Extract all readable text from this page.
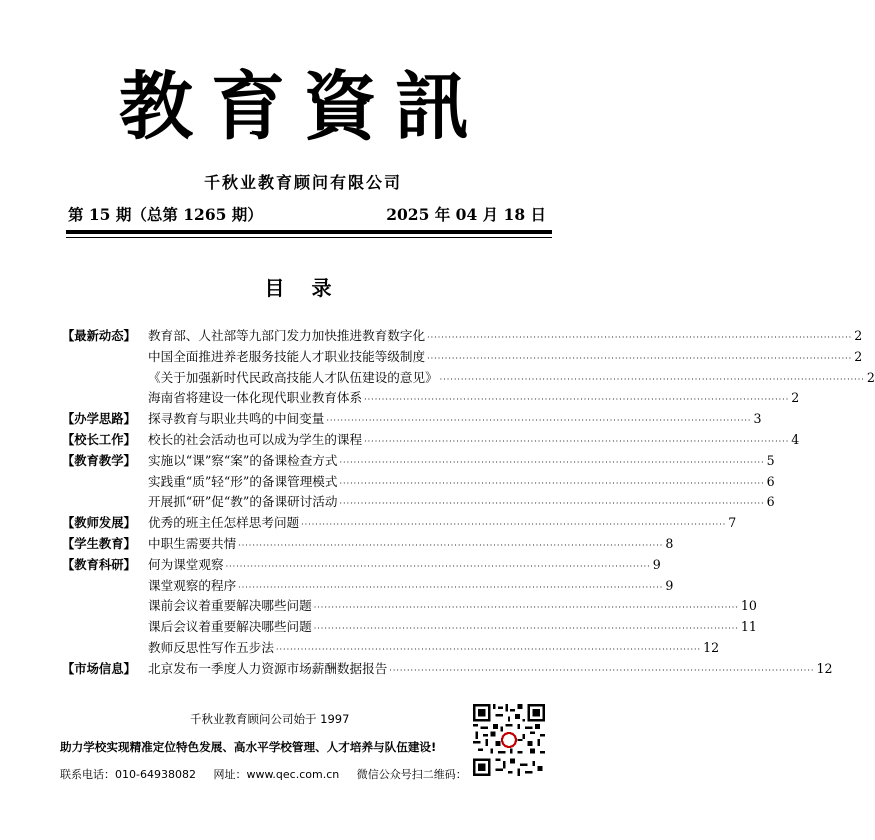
教育資訊
千秋业教育顾问有限公司
第 15 期（总第 1265 期）	2025 年 04 月 18 日
目 录
【最新动态】 教育部、人社部等九部门发力加快推进教育数字化 ························································································································ 2
中国全面推进养老服务技能人才职业技能等级制度 ························································································································ 2
《关于加强新时代民政高技能人才队伍建设的意见》 ························································································································ 2
海南省将建设一体化现代职业教育体系 ························································································································ 2
【办学思路】 探寻教育与职业共鸣的中间变量 ························································································································ 3
【校长工作】 校长的社会活动也可以成为学生的课程 ························································································································ 4
【教育教学】 实施以“课”察“案”的备课检查方式 ························································································································ 5
实践重“质”轻“形”的备课管理模式 ························································································································ 6
开展抓“研”促“教”的备课研讨活动 ························································································································ 6
【教师发展】 优秀的班主任怎样思考问题 ························································································································ 7
【学生教育】 中职生需要共情 ························································································································ 8
【教育科研】 何为课堂观察 ························································································································ 9
课堂观察的程序 ························································································································ 9
课前会议着重要解决哪些问题 ························································································································ 10
课后会议着重要解决哪些问题 ························································································································ 11
教师反思性写作五步法 ························································································································ 12
【市场信息】 北京发布一季度人力资源市场薪酬数据报告 ························································································································ 12
千秋业教育顾问公司始于 1997
助力学校实现精准定位特色发展、高水平学校管理、人才培养与队伍建设!
联系电话：010-64938082 网址：www.qec.com.cn 微信公众号扫二维码：
